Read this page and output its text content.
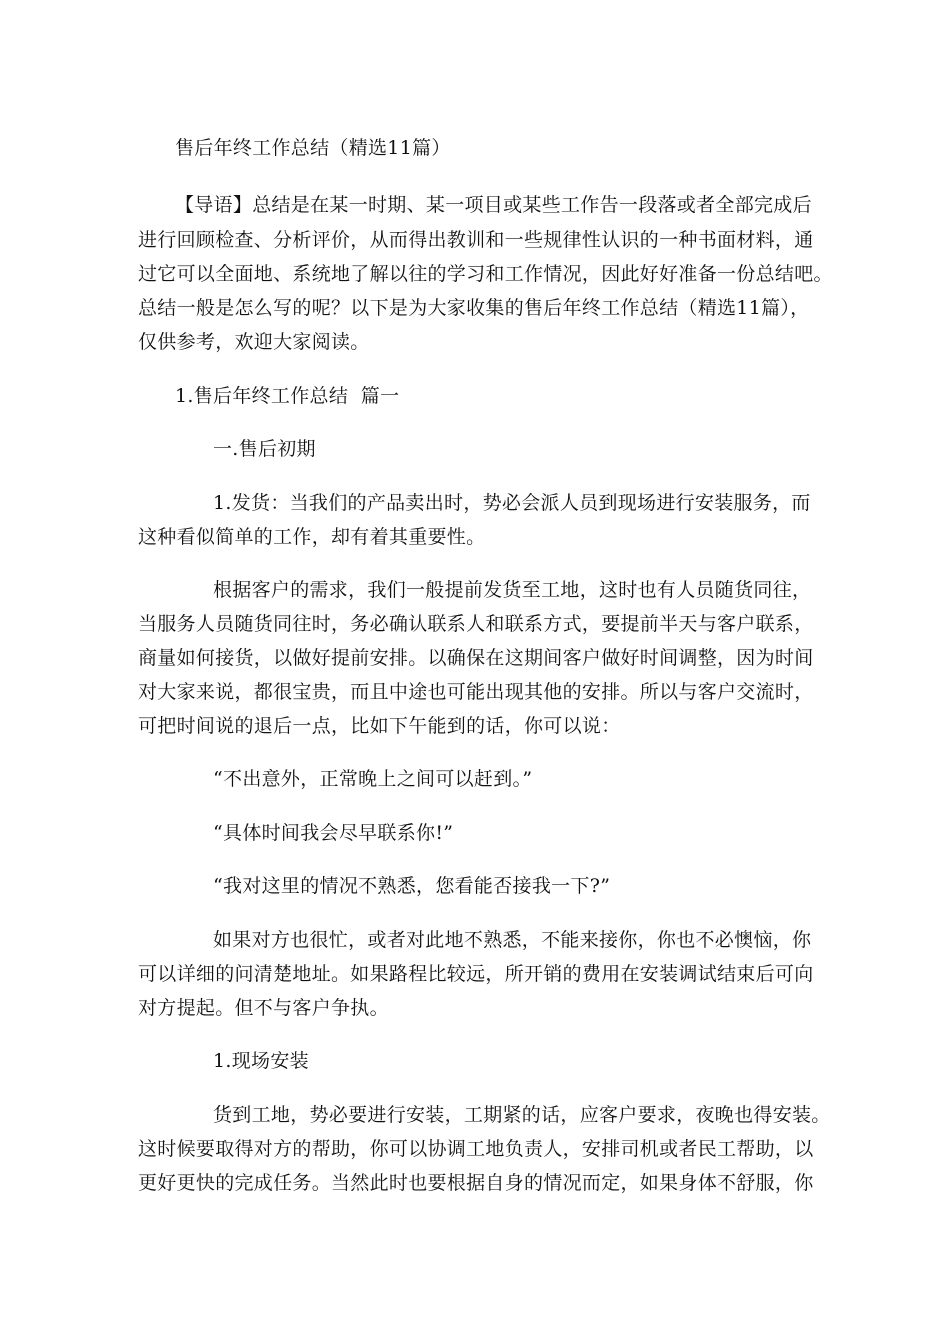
售后年终工作总结（精选11篇）
【导语】总结是在某一时期、某一项目或某些工作告一段落或者全部完成后
进行回顾检查、分析评价，从而得出教训和一些规律性认识的一种书面材料，通
过它可以全面地、系统地了解以往的学习和工作情况，因此好好准备一份总结吧。
总结一般是怎么写的呢？以下是为大家收集的售后年终工作总结（精选11篇），
仅供参考，欢迎大家阅读。
1.售后年终工作总结  篇一
一.售后初期
1.发货：当我们的产品卖出时，势必会派人员到现场进行安装服务，而
这种看似简单的工作，却有着其重要性。
根据客户的需求，我们一般提前发货至工地，这时也有人员随货同往，
当服务人员随货同往时，务必确认联系人和联系方式，要提前半天与客户联系，
商量如何接货，以做好提前安排。以确保在这期间客户做好时间调整，因为时间
对大家来说，都很宝贵，而且中途也可能出现其他的安排。所以与客户交流时，
可把时间说的退后一点，比如下午能到的话，你可以说：
“不出意外，正常晚上之间可以赶到。”
“具体时间我会尽早联系你!”
“我对这里的情况不熟悉，您看能否接我一下?”
如果对方也很忙，或者对此地不熟悉，不能来接你，你也不必懊恼，你
可以详细的问清楚地址。如果路程比较远，所开销的费用在安装调试结束后可向
对方提起。但不与客户争执。
1.现场安装
货到工地，势必要进行安装，工期紧的话，应客户要求，夜晚也得安装。
这时候要取得对方的帮助，你可以协调工地负责人，安排司机或者民工帮助，以
更好更快的完成任务。当然此时也要根据自身的情况而定，如果身体不舒服，你
